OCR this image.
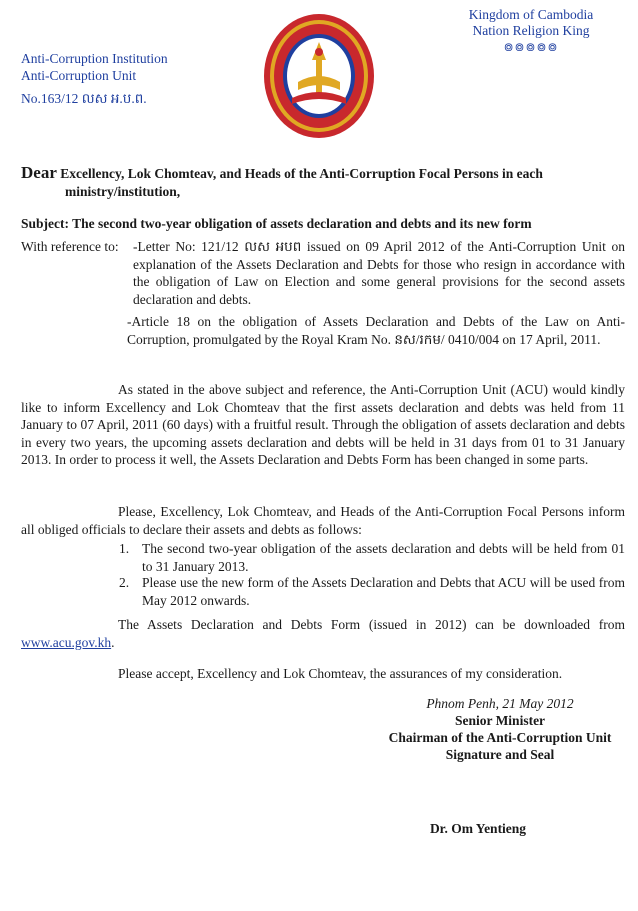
Anti-Corruption Institution
Anti-Corruption Unit
No.163/12 លស អ.ប.ព.
Kingdom of Cambodia
Nation Religion King
៙៙៙៙៙
Dear Excellency, Lok Chomteav, and Heads of the Anti-Corruption Focal Persons in each
ministry/institution,
Subject: The second two-year obligation of assets declaration and debts and its new form
With reference to: -Letter No: 121/12 លស អបព issued on 09 April 2012 of the Anti-Corruption Unit on explanation of the Assets Declaration and Debts for those who resign in accordance with the obligation of Law on Election and some general provisions for the second assets declaration and debts.
-Article 18 on the obligation of Assets Declaration and Debts of the Law on Anti-Corruption, promulgated by the Royal Kram No. នស/រកម/ 0410/004 on 17 April, 2011.
As stated in the above subject and reference, the Anti-Corruption Unit (ACU) would kindly like to inform Excellency and Lok Chomteav that the first assets declaration and debts was held from 11 January to 07 April, 2011 (60 days) with a fruitful result. Through the obligation of assets declaration and debts in every two years, the upcoming assets declaration and debts will be held in 31 days from 01 to 31 January 2013. In order to process it well, the Assets Declaration and Debts Form has been changed in some parts.
Please, Excellency, Lok Chomteav, and Heads of the Anti-Corruption Focal Persons inform all obliged officials to declare their assets and debts as follows:
1. The second two-year obligation of the assets declaration and debts will be held from 01 to 31 January 2013.
2. Please use the new form of the Assets Declaration and Debts that ACU will be used from May 2012 onwards.
The Assets Declaration and Debts Form (issued in 2012) can be downloaded from www.acu.gov.kh.
Please accept, Excellency and Lok Chomteav, the assurances of my consideration.
Phnom Penh, 21 May 2012
Senior Minister
Chairman of the Anti-Corruption Unit
Signature and Seal
Dr. Om Yentieng
